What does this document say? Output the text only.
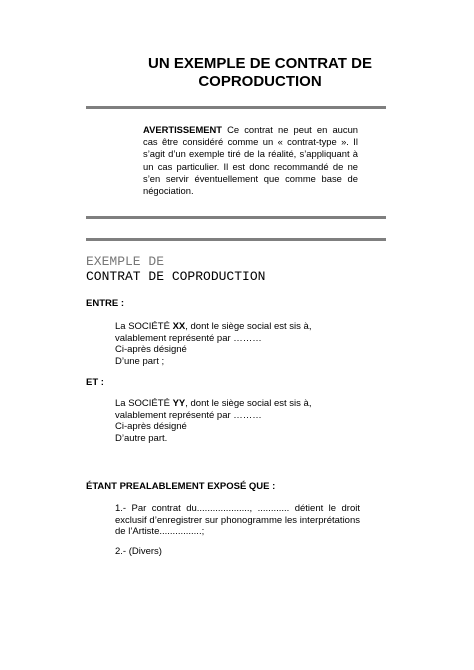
UN EXEMPLE DE CONTRAT DE
COPRODUCTION
AVERTISSEMENT Ce contrat ne peut en aucun cas être considéré comme un « contrat-type ». Il s’agit d’un exemple tiré de la réalité, s’appliquant à un cas particulier. Il est donc recommandé de ne s’en servir éventuellement que comme base de négociation.
EXEMPLE DE
CONTRAT DE COPRODUCTION
ENTRE :
La SOCIÉTÉ XX, dont le siège social est sis à,
valablement représenté par ………
Ci-après désigné
D’une part ;
ET :
La SOCIÉTÉ YY, dont le siège social est sis à,
valablement représenté par ………
Ci-après désigné
D’autre part.
ÉTANT PREALABLEMENT EXPOSÉ QUE :
1.- Par contrat du...................., ............ détient le droit exclusif d’enregistrer sur phonogramme les interprétations de l’Artiste................;
2.- (Divers)
